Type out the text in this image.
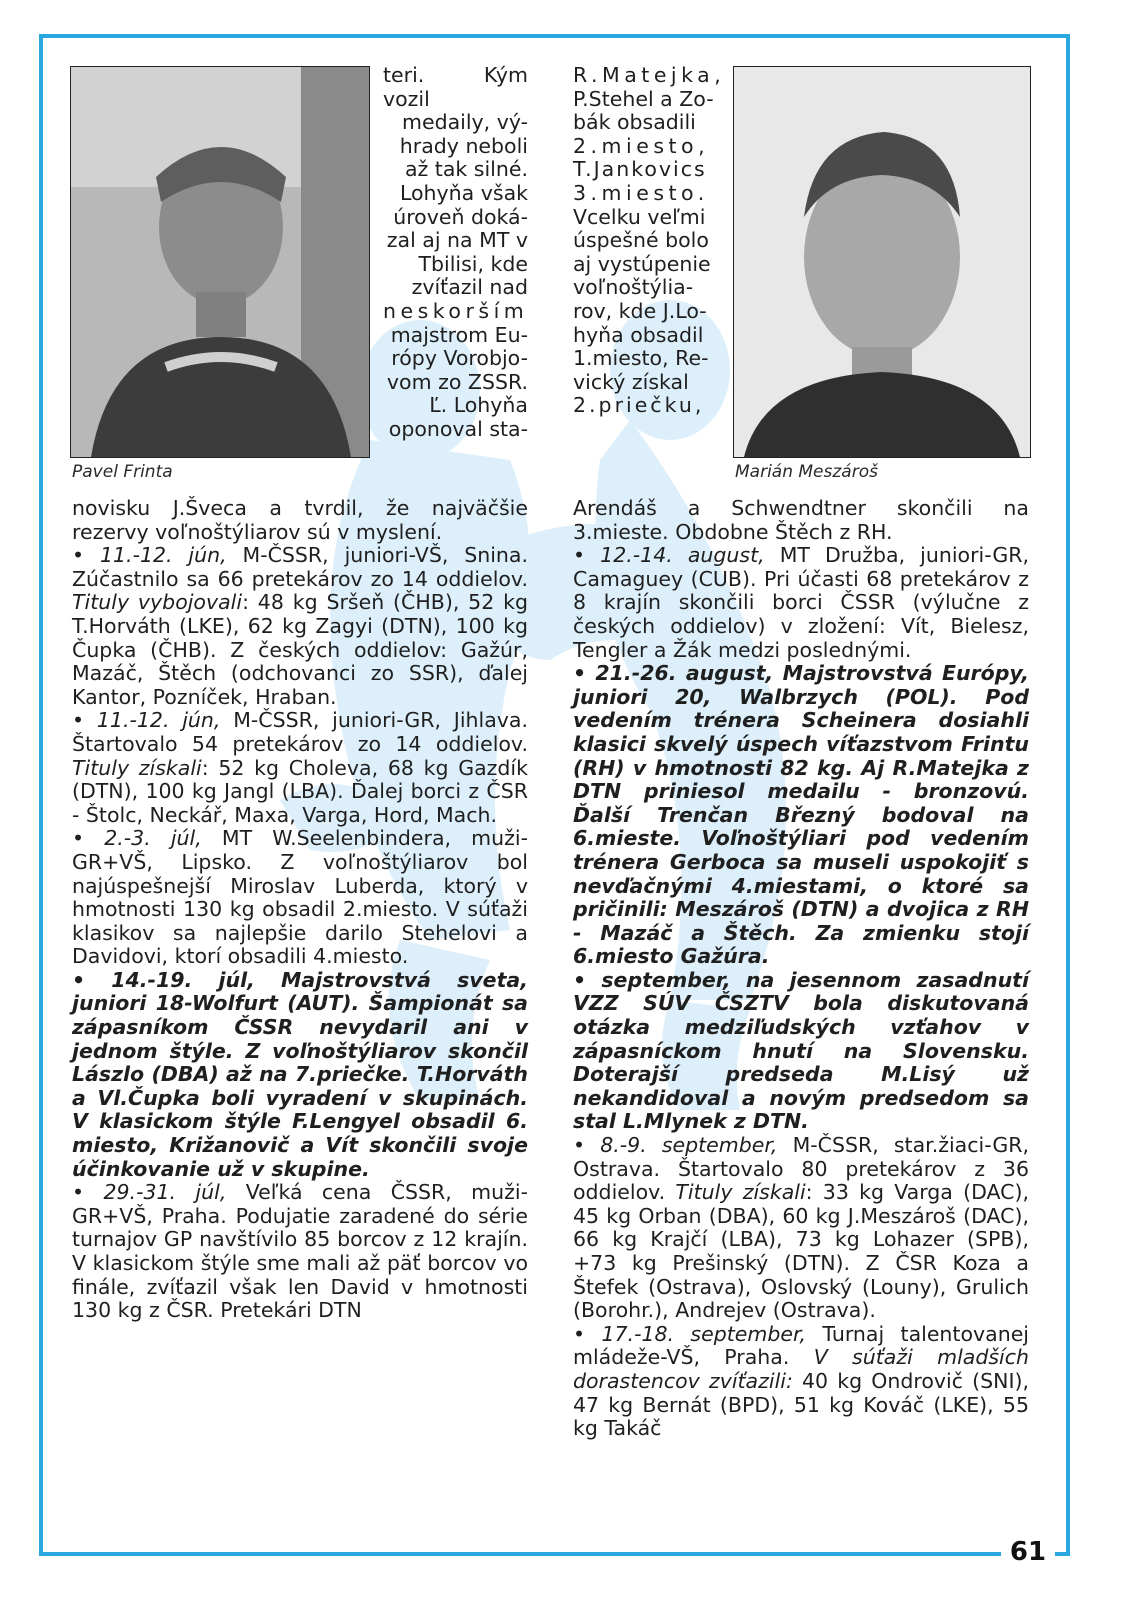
61
Pavel Frinta	Marián Meszároš

teri. Kým vozil

medaily, vý-

hrady neboli

až tak silné.

Lohyňa však

úroveň doká-

zal aj na MT v

Tbilisi, kde

zvíťazil nad

neskorším

majstrom Eu-

rópy Vorobjo-

vom zo ZSSR.

Ľ. Lohyňa

oponoval sta-

novisku J.Šveca a tvrdil, že najväčšie rezervy voľnoštýliarov sú v myslení.

• 11.-12. jún, M-ČSSR, juniori-VŠ, Snina. Zúčastnilo sa 66 pretekárov zo 14 oddielov. Tituly vybojovali: 48 kg Sršeň (ČHB), 52 kg T.Horváth (LKE), 62 kg Zagyi (DTN), 100 kg Čupka (ČHB). Z českých oddielov: Gažúr, Mazáč, Štěch (odchovanci zo SSR), ďalej Kantor, Pozníček, Hraban.

• 11.-12. jún, M-ČSSR, juniori-GR, Jihlava. Štartovalo 54 pretekárov zo 14 oddielov. Tituly získali: 52 kg Choleva, 68 kg Gazdík (DTN), 100 kg Jangl (LBA). Ďalej borci z ČSR - Štolc, Neckář, Maxa, Varga, Hord, Mach.

• 2.-3. júl, MT W.Seelenbindera, muži-GR+VŠ, Lipsko. Z voľnoštýliarov bol najúspešnejší Miroslav Luberda, ktorý v hmotnosti 130 kg obsadil 2.miesto. V súťaži klasikov sa najlepšie darilo Stehelovi a Davidovi, ktorí obsadili 4.miesto.

• 14.-19. júl, Majstrovstvá sveta, juniori 18-Wolfurt (AUT). Šampionát sa zápasníkom ČSSR nevydaril ani v jednom štýle. Z voľnoštýliarov skončil Lászlo (DBA) až na 7.priečke. T.Horváth a Vl.Čupka boli vyradení v skupinách. V klasickom štýle F.Lengyel obsadil 6. miesto, Križanovič a Vít skončili svoje účinkovanie už v skupine.

• 29.-31. júl, Veľká cena ČSSR, muži-GR+VŠ, Praha. Podujatie zaradené do série turnajov GP navštívilo 85 borcov z 12 krajín. V klasickom štýle sme mali až päť borcov vo finále, zvíťazil však len David v hmotnosti 130 kg z ČSR. Pretekári DTN

R.Matejka,

P.Stehel a Zo-

bák obsadili

2.miesto,

T.Jankovics

3.miesto.

Vcelku veľmi

úspešné bolo

aj vystúpenie

voľnoštýlia-

rov, kde J.Lo-

hyňa obsadil

1.miesto, Re-

vický získal

2.priečku,

Arendáš a Schwendtner skončili na 3.mieste. Obdobne Štěch z RH.

• 12.-14. august, MT Družba, juniori-GR, Camaguey (CUB). Pri účasti 68 pretekárov z 8 krajín skončili borci ČSSR (výlučne z českých oddielov) v zložení: Vít, Bielesz, Tengler a Žák medzi poslednými.

• 21.-26. august, Majstrovstvá Európy, juniori 20, Walbrzych (POL). Pod vedením trénera Scheinera dosiahli klasici skvelý úspech víťazstvom Frintu (RH) v hmotnosti 82 kg. Aj R.Matejka z DTN priniesol medailu - bronzovú. Ďalší Trenčan Březný bodoval na 6.mieste. Voľnoštýliari pod vedením trénera Gerboca sa museli uspokojiť s nevďačnými 4.miestami, o ktoré sa pričinili: Meszároš (DTN) a dvojica z RH - Mazáč a Štěch. Za zmienku stojí 6.miesto Gažúra.

• september, na jesennom zasadnutí VZZ SÚV ČSZTV bola diskutovaná otázka medziľudských vzťahov v zápasníckom hnutí na Slovensku. Doterajší predseda M.Lisý už nekandidoval a novým predsedom sa stal L.Mlynek z DTN.

• 8.-9. september, M-ČSSR, star.žiaci-GR, Ostrava. Štartovalo 80 pretekárov z 36 oddielov. Tituly získali: 33 kg Varga (DAC), 45 kg Orban (DBA), 60 kg J.Meszároš (DAC), 66 kg Krajčí (LBA), 73 kg Lohazer (SPB), +73 kg Prešinský (DTN). Z ČSR Koza a Štefek (Ostrava), Oslovský (Louny), Grulich (Borohr.), Andrejev (Ostrava).

• 17.-18. september, Turnaj talentovanej mládeže-VŠ, Praha. V súťaži mladších dorastencov zvíťazili: 40 kg Ondrovič (SNI), 47 kg Bernát (BPD), 51 kg Kováč (LKE), 55 kg Takáč
